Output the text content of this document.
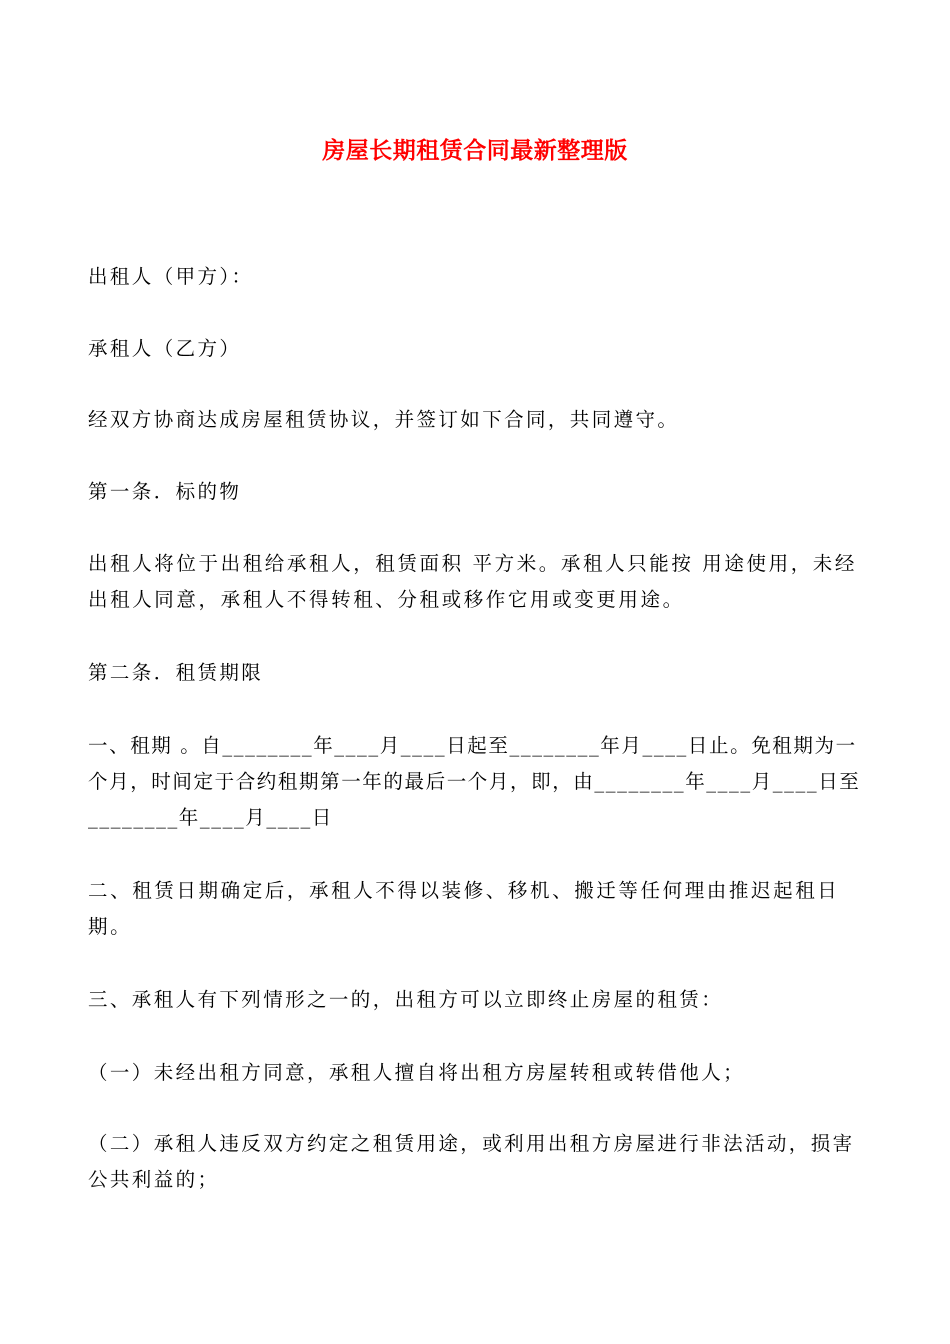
房屋长期租赁合同最新整理版

出租人（甲方）：

承租人（乙方）

经双方协商达成房屋租赁协议，并签订如下合同，共同遵守。

第一条．标的物

出租人将位于出租给承租人，租赁面积 平方米。承租人只能按 用途使用，未经出租人同意，承租人不得转租、分租或移作它用或变更用途。

第二条．租赁期限

一、租期 。自________年____月____日起至________年月____日止。免租期为一个月，时间定于合约租期第一年的最后一个月，即，由________年____月____日至________年____月____日

二、租赁日期确定后，承租人不得以装修、移机、搬迁等任何理由推迟起租日期。

三、承租人有下列情形之一的，出租方可以立即终止房屋的租赁：

（一）未经出租方同意，承租人擅自将出租方房屋转租或转借他人；

（二）承租人违反双方约定之租赁用途，或利用出租方房屋进行非法活动，损害公共利益的；
